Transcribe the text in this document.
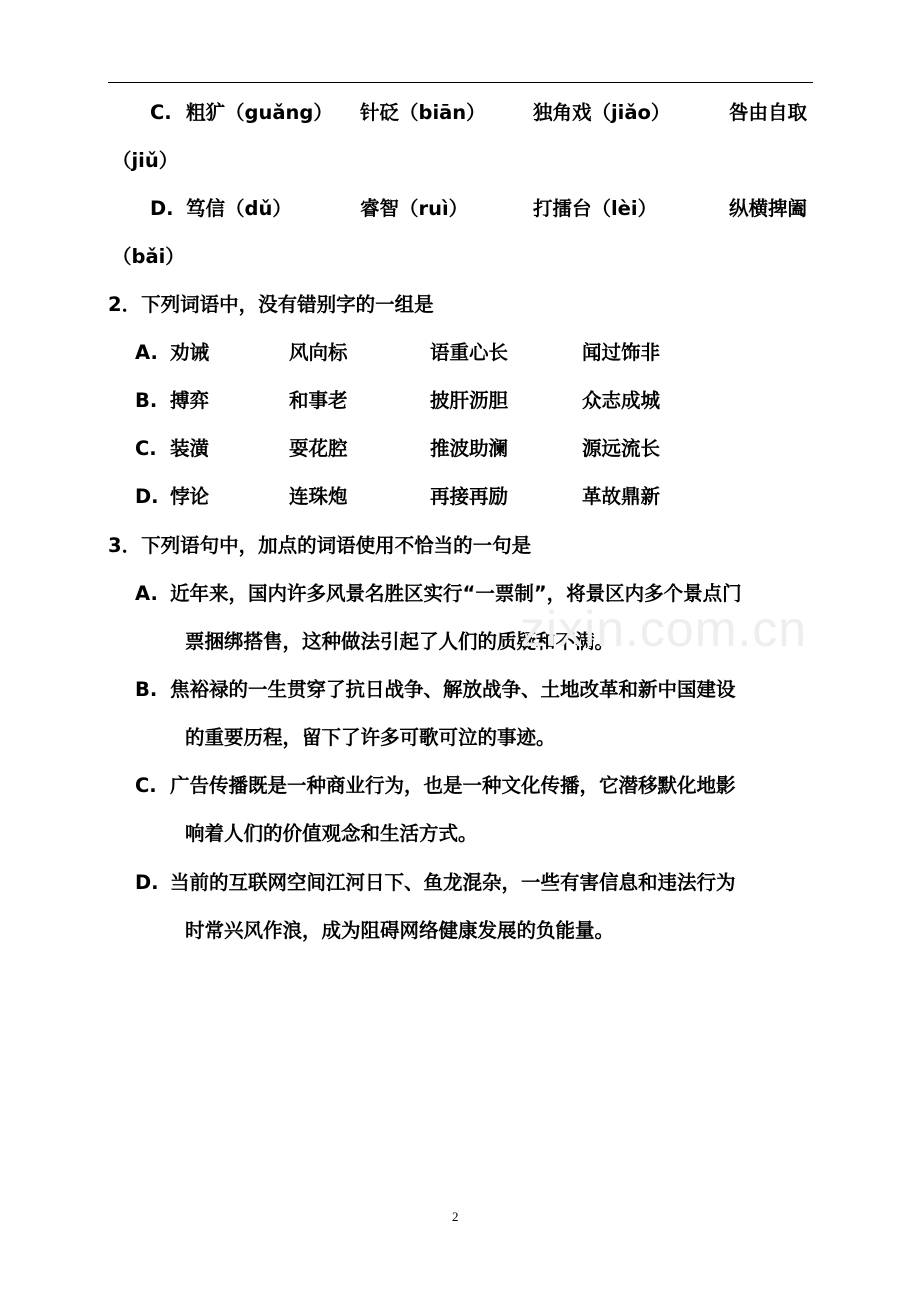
C. 粗犷（guǎng） 针砭（biān） 独角戏（jiǎo）	咎由自取
（jiǔ）
D. 笃信（dǔ）	睿智（ruì）	打擂台（lèi）	纵横捭阖
（bǎi）
2．下列词语中，没有错别字的一组是
A. 劝诫	风向标	语重心长	闻过饰非
B. 搏弈	和事老	披肝沥胆	众志成城
C. 装潢	耍花腔	推波助澜	源远流长
D. 悖论	连珠炮	再接再励	革故鼎新
3．下列语句中，加点的词语使用不恰当的一句是
A. 近年来，国内许多风景名胜区实行“一票制”，将景区内多个景点门
票捆绑搭售，这种做法引起了人们的质疑和不满。
B. 焦裕禄的一生贯穿了抗日战争、解放战争、土地改革和新中国建设
的重要历程，留下了许多可歌可泣的事迹。
C. 广告传播既是一种商业行为，也是一种文化传播，它潜移默化地影
响着人们的价值观念和生活方式。
D. 当前的互联网空间江河日下、鱼龙混杂，一些有害信息和违法行为
时常兴风作浪，成为阻碍网络健康发展的负能量。
zixin.com.cn
2
